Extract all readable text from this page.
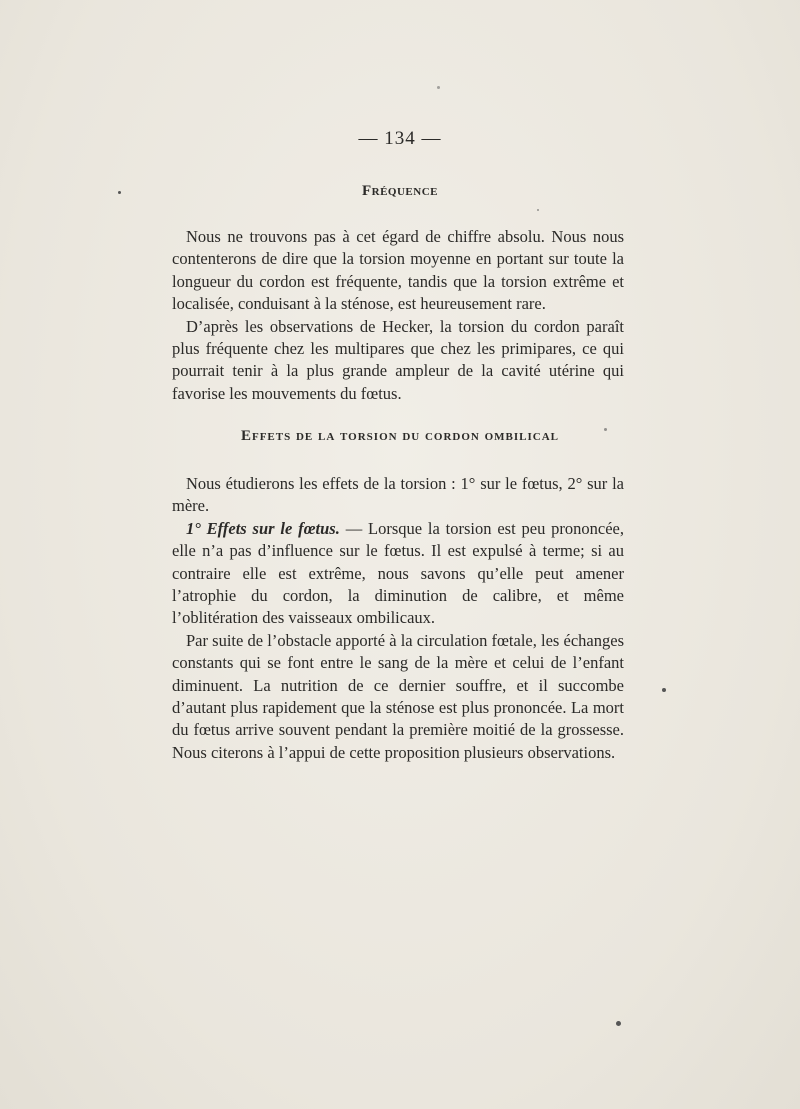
— 134 —
Fréquence

Nous ne trouvons pas à cet égard de chiffre absolu. Nous nous contenterons de dire que la torsion moyenne en portant sur toute la longueur du cordon est fréquente, tandis que la torsion extrême et localisée, conduisant à la sténose, est heureusement rare.

D’après les observations de Hecker, la torsion du cordon paraît plus fréquente chez les multipares que chez les primipares, ce qui pourrait tenir à la plus grande ampleur de la cavité utérine qui favorise les mouvements du fœtus.

Effets de la torsion du cordon ombilical

Nous étudierons les effets de la torsion : 1° sur le fœtus, 2° sur la mère.

1° Effets sur le fœtus. — Lorsque la torsion est peu prononcée, elle n’a pas d’influence sur le fœtus. Il est expulsé à terme; si au contraire elle est extrême, nous savons qu’elle peut amener l’atrophie du cordon, la diminution de calibre, et même l’oblitération des vaisseaux ombilicaux.

Par suite de l’obstacle apporté à la circulation fœtale, les échanges constants qui se font entre le sang de la mère et celui de l’enfant diminuent. La nutrition de ce dernier souffre, et il succombe d’autant plus rapidement que la sténose est plus prononcée. La mort du fœtus arrive souvent pendant la première moitié de la grossesse. Nous citerons à l’appui de cette proposition plusieurs observations.
